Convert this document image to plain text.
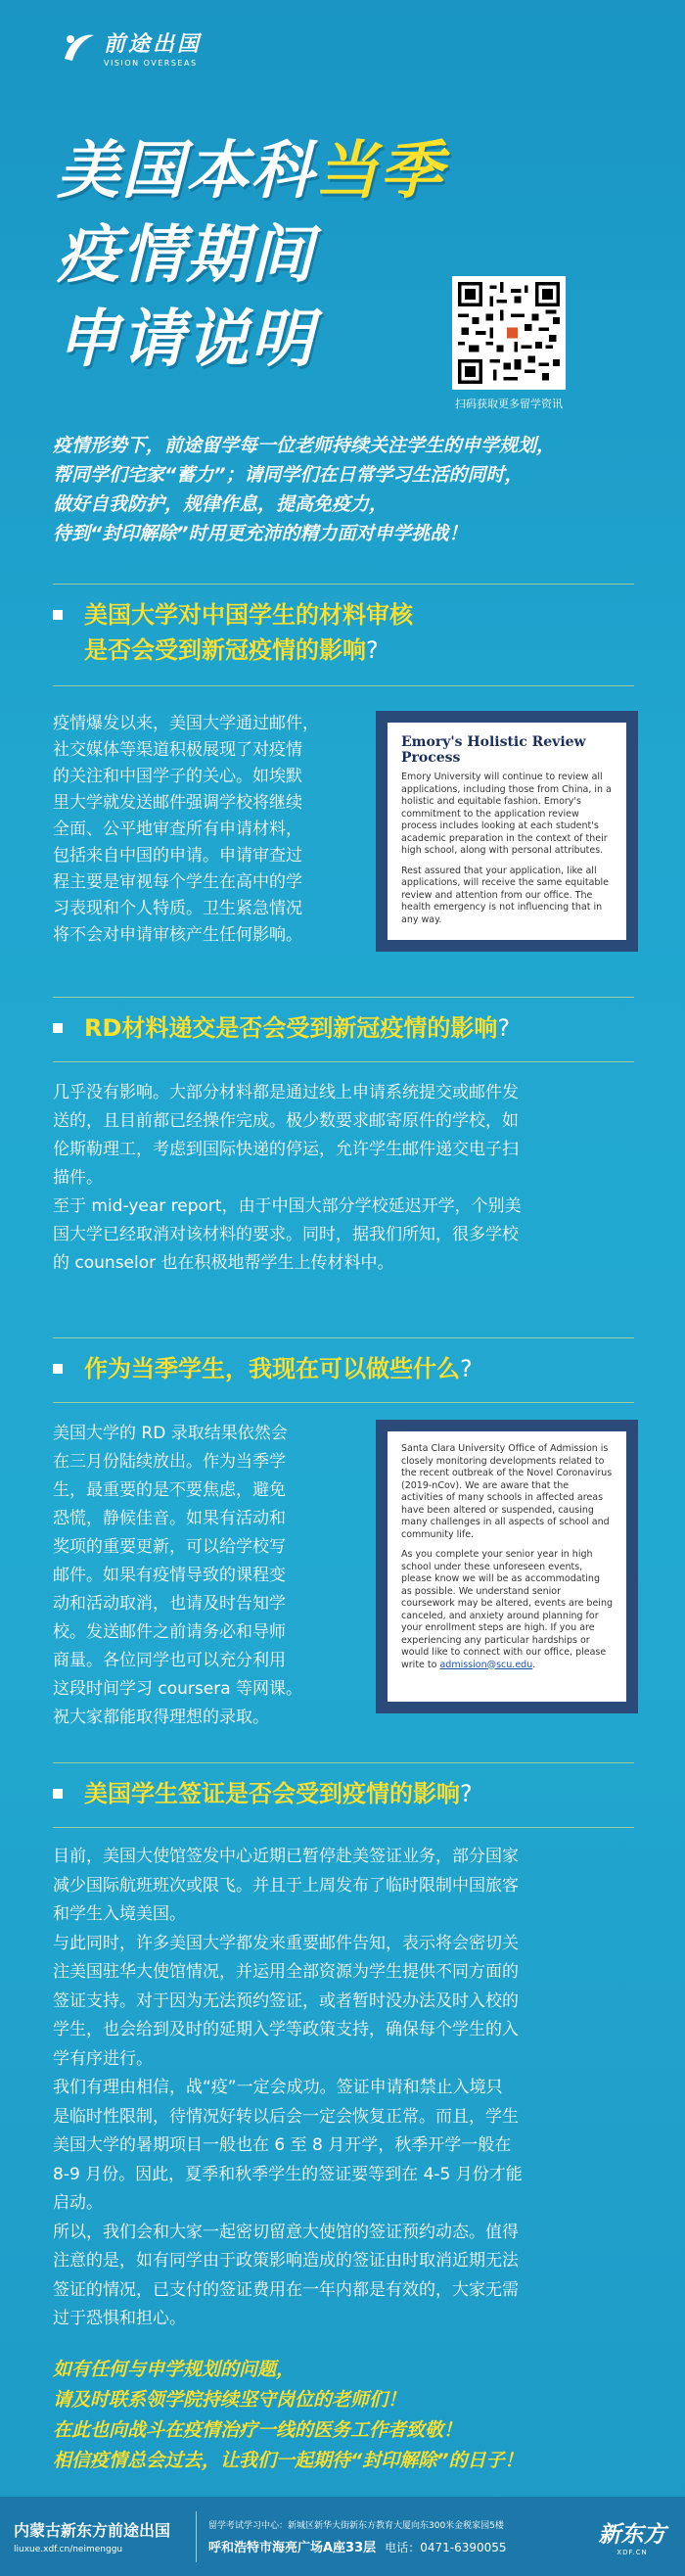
前途出国
VISION OVERSEAS
美国本科当季
疫情期间
申请说明
扫码获取更多留学资讯
疫情形势下，前途留学每一位老师持续关注学生的申学规划，
帮同学们宅家“蓄力”；请同学们在日常学习生活的同时，
做好自我防护，规律作息，提高免疫力，
待到“封印解除”时用更充沛的精力面对申学挑战！
美国大学对中国学生的材料审核
是否会受到新冠疫情的影响?
疫情爆发以来，美国大学通过邮件，
社交媒体等渠道积极展现了对疫情
的关注和中国学子的关心。如埃默
里大学就发送邮件强调学校将继续
全面、公平地审查所有申请材料，
包括来自中国的申请。申请审查过
程主要是审视每个学生在高中的学
习表现和个人特质。卫生紧急情况
将不会对申请审核产生任何影响。
Emory's Holistic Review Process
Emory University will continue to review all applications, including those from China, in a holistic and equitable fashion. Emory's commitment to the application review process includes looking at each student's academic preparation in the context of their high school, along with personal attributes.
Rest assured that your application, like all applications, will receive the same equitable review and attention from our office. The health emergency is not influencing that in any way.
RD材料递交是否会受到新冠疫情的影响?
几乎没有影响。大部分材料都是通过线上申请系统提交或邮件发
送的，且目前都已经操作完成。极少数要求邮寄原件的学校，如
伦斯勒理工，考虑到国际快递的停运，允许学生邮件递交电子扫
描件。
至于 mid-year report，由于中国大部分学校延迟开学，个别美
国大学已经取消对该材料的要求。同时，据我们所知，很多学校
的 counselor 也在积极地帮学生上传材料中。
作为当季学生，我现在可以做些什么?
美国大学的 RD 录取结果依然会
在三月份陆续放出。作为当季学
生，最重要的是不要焦虑，避免
恐慌，静候佳音。如果有活动和
奖项的重要更新，可以给学校写
邮件。如果有疫情导致的课程变
动和活动取消，也请及时告知学
校。发送邮件之前请务必和导师
商量。各位同学也可以充分利用
这段时间学习 coursera 等网课。
祝大家都能取得理想的录取。
Santa Clara University Office of Admission is closely monitoring developments related to the recent outbreak of the Novel Coronavirus (2019-nCov). We are aware that the activities of many schools in affected areas have been altered or suspended, causing many challenges in all aspects of school and community life.
As you complete your senior year in high school under these unforeseen events, please know we will be as accommodating as possible. We understand senior coursework may be altered, events are being canceled, and anxiety around planning for your enrollment steps are high. If you are experiencing any particular hardships or would like to connect with our office, please write to admission@scu.edu.
美国学生签证是否会受到疫情的影响?
目前，美国大使馆签发中心近期已暂停赴美签证业务，部分国家
减少国际航班班次或限飞。并且于上周发布了临时限制中国旅客
和学生入境美国。
与此同时，许多美国大学都发来重要邮件告知，表示将会密切关
注美国驻华大使馆情况，并运用全部资源为学生提供不同方面的
签证支持。对于因为无法预约签证，或者暂时没办法及时入校的
学生，也会给到及时的延期入学等政策支持，确保每个学生的入
学有序进行。
我们有理由相信，战“疫”一定会成功。签证申请和禁止入境只
是临时性限制，待情况好转以后会一定会恢复正常。而且，学生
美国大学的暑期项目一般也在 6 至 8 月开学，秋季开学一般在
8-9 月份。因此，夏季和秋季学生的签证要等到在 4-5 月份才能
启动。
所以，我们会和大家一起密切留意大使馆的签证预约动态。值得
注意的是，如有同学由于政策影响造成的签证由时取消近期无法
签证的情况，已支付的签证费用在一年内都是有效的，大家无需
过于恐惧和担心。
如有任何与申学规划的问题，
请及时联系领学院持续坚守岗位的老师们！
在此也向战斗在疫情治疗一线的医务工作者致敬！
相信疫情总会过去，让我们一起期待“封印解除”的日子！
内蒙古新东方前途出国
liuxue.xdf.cn/neimenggu
留学考试学习中心：新城区新华大街新东方教育大厦向东300米金税家园5楼
呼和浩特市海亮广场A座33层 电话：0471-6390055	新东方
XDF.CN
